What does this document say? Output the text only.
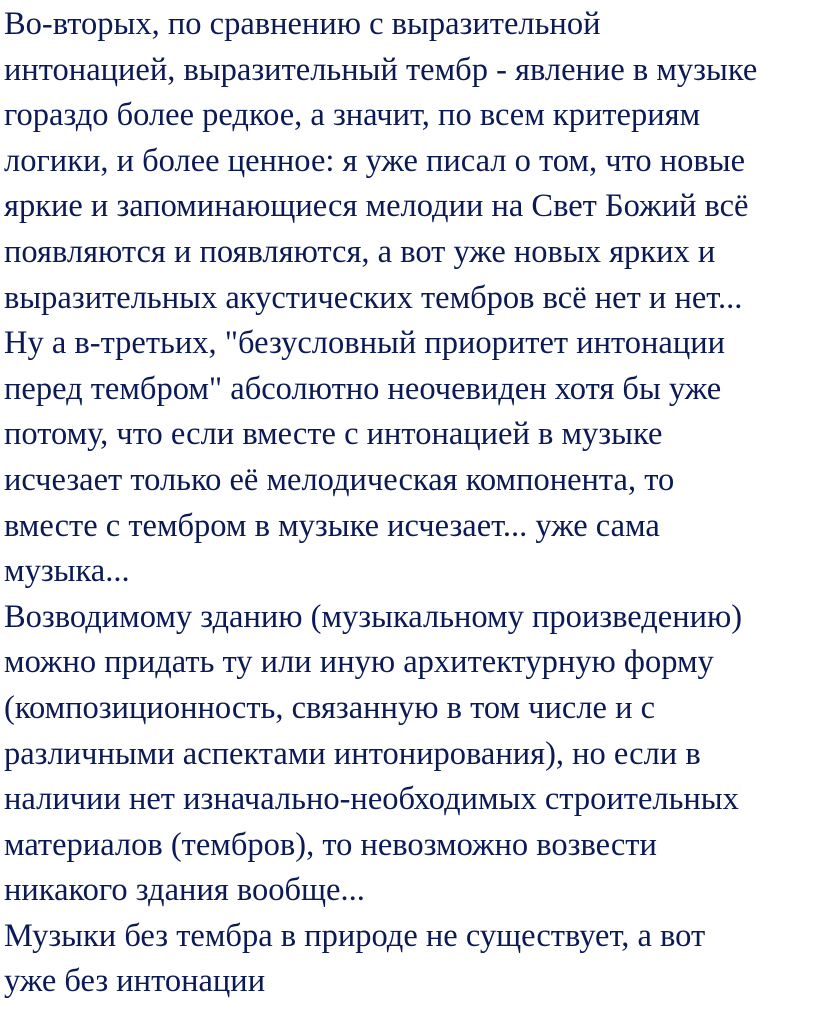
Во-вторых, по сравнению с выразительной
интонацией, выразительный тембр - явление в музыке
гораздо более редкое, а значит, по всем критериям
логики, и более ценное: я уже писал о том, что новые
яркие и запоминающиеся мелодии на Свет Божий всё
появляются и появляются, а вот уже новых ярких и
выразительных акустических тембров всё нет и нет...
Ну а в-третьих, "безусловный приоритет интонации
перед тембром" абсолютно неочевиден хотя бы уже
потому, что если вместе с интонацией в музыке
исчезает только её мелодическая компонента, то
вместе с тембром в музыке исчезает... уже сама
музыка...
Возводимому зданию (музыкальному произведению)
можно придать ту или иную архитектурную форму
(композиционность, связанную в том числе и с
различными аспектами интонирования), но если в
наличии нет изначально-необходимых строительных
материалов (тембров), то невозможно возвести
никакого здания вообще...
Музыки без тембра в природе не существует, а вот
уже без интонации
